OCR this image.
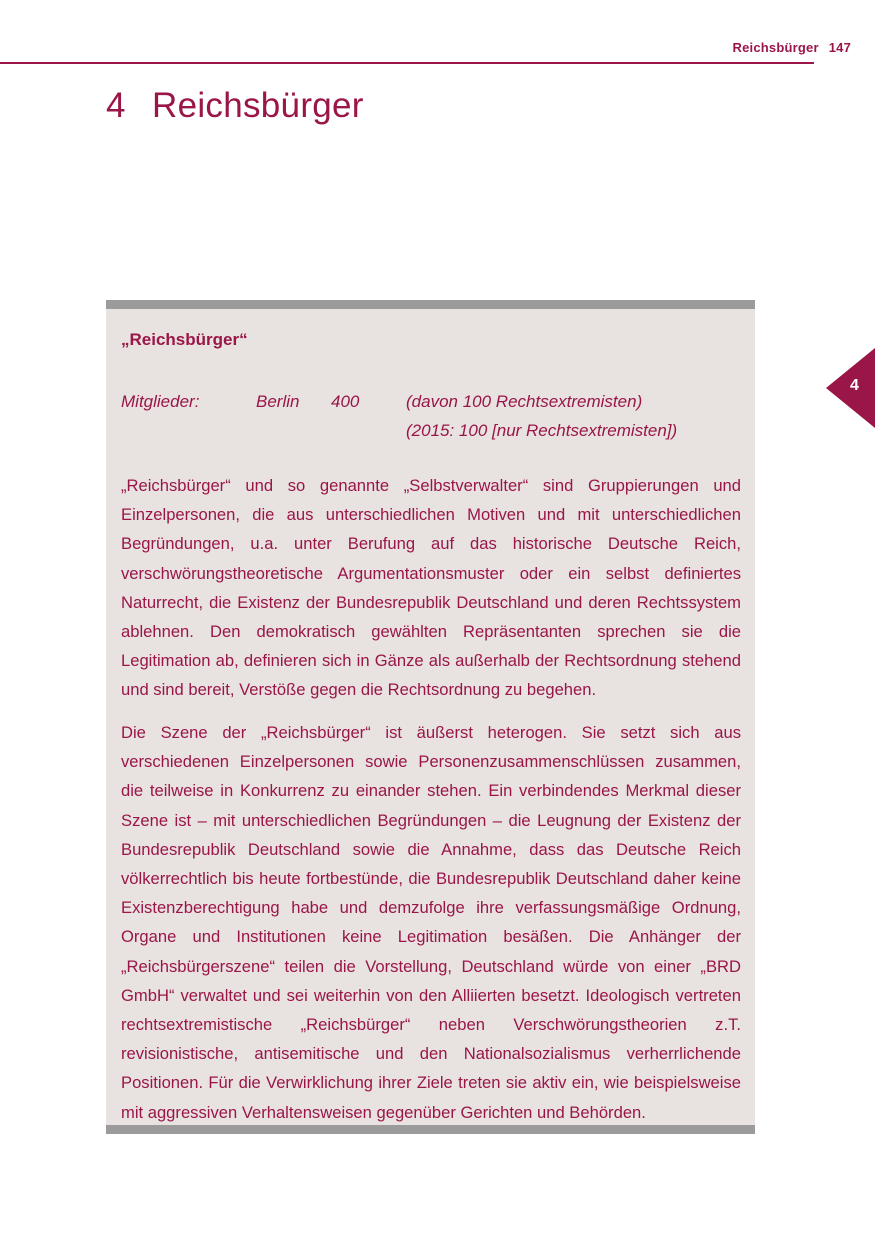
Reichsbürger 147
4 Reichsbürger
4
„Reichsbürger“
Mitglieder:	Berlin 400	(davon 100 Rechtsextremisten)
(2015: 100 [nur Rechtsextremisten])

„Reichsbürger“ und so genannte „Selbstverwalter“ sind Gruppierungen und Einzelpersonen, die aus unterschiedlichen Motiven und mit unterschiedlichen Begründungen, u.a. unter Berufung auf das historische Deutsche Reich, verschwörungstheoretische Argumentationsmuster oder ein selbst definiertes Naturrecht, die Existenz der Bundesrepublik Deutschland und deren Rechtssystem ablehnen. Den demokratisch gewählten Repräsentanten sprechen sie die Legitimation ab, definieren sich in Gänze als außerhalb der Rechtsordnung stehend und sind bereit, Verstöße gegen die Rechtsordnung zu begehen.

Die Szene der „Reichsbürger“ ist äußerst heterogen. Sie setzt sich aus verschiedenen Einzelpersonen sowie Personenzusammenschlüssen zusammen, die teilweise in Konkurrenz zu einander stehen. Ein verbindendes Merkmal dieser Szene ist – mit unterschiedlichen Begründungen – die Leugnung der Existenz der Bundesrepublik Deutschland sowie die Annahme, dass das Deutsche Reich völkerrechtlich bis heute fortbestünde, die Bundesrepublik Deutschland daher keine Existenzberechtigung habe und demzufolge ihre verfassungsmäßige Ordnung, Organe und Institutionen keine Legitimation besäßen. Die Anhänger der „Reichsbürgerszene“ teilen die Vorstellung, Deutschland würde von einer „BRD GmbH“ verwaltet und sei weiterhin von den Alliierten besetzt. Ideologisch vertreten rechtsextremistische „Reichsbürger“ neben Verschwörungstheorien z.T. revisionistische, antisemitische und den Nationalsozialismus verherrlichende Positionen. Für die Verwirklichung ihrer Ziele treten sie aktiv ein, wie beispielsweise mit aggressiven Verhaltensweisen gegenüber Gerichten und Behörden.
